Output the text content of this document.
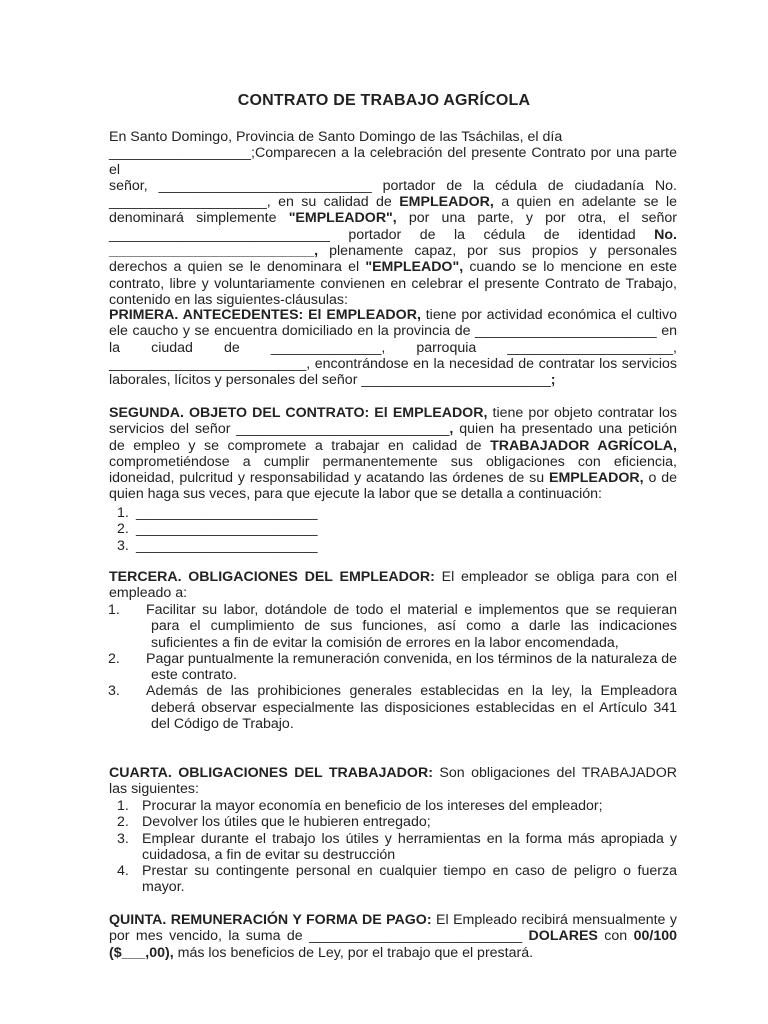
CONTRATO DE TRABAJO AGRÍCOLA
En Santo Domingo, Provincia de Santo Domingo de las Tsáchilas, el día
__________________;Comparecen a la celebración del presente Contrato por una parte el
señor, ___________________________ portador de la cédula de ciudadanía No.
____________________, en su calidad de EMPLEADOR, a quien en adelante se le denominará simplemente "EMPLEADOR", por una parte, y por otra, el señor ____________________________ portador de la cédula de identidad No. __________________________, plenamente capaz, por sus propios y personales derechos a quien se le denominara el "EMPLEADO", cuando se lo mencione en este contrato, libre y voluntariamente convienen en celebrar el presente Contrato de Trabajo, contenido en las siguientes-cláusulas:
PRIMERA. ANTECEDENTES: El EMPLEADOR, tiene por actividad económica el cultivo ele caucho y se encuentra domiciliado en la provincia de _______________________ en la ciudad de ______________, parroquia _____________________, _________________________, encontrándose en la necesidad de contratar los servicios laborales, lícitos y personales del señor ________________________;
SEGUNDA. OBJETO DEL CONTRATO: El EMPLEADOR, tiene por objeto contratar los servicios del señor ___________________________, quien ha presentado una petición de empleo y se compromete a trabajar en calidad de TRABAJADOR AGRÍCOLA, comprometiéndose a cumplir permanentemente sus obligaciones con eficiencia, idoneidad, pulcritud y responsabilidad y acatando las órdenes de su EMPLEADOR, o de quien haga sus veces, para que ejecute la labor que se detalla a continuación:
1. _______________________
2. _______________________
3. _______________________
TERCERA. OBLIGACIONES DEL EMPLEADOR: El empleador se obliga para con el empleado a:
1. Facilitar su labor, dotándole de todo el material e implementos que se requieran para el cumplimiento de sus funciones, así como a darle las indicaciones suficientes a fin de evitar la comisión de errores en la labor encomendada,
2. Pagar puntualmente la remuneración convenida, en los términos de la naturaleza de este contrato.
3. Además de las prohibiciones generales establecidas en la ley, la Empleadora deberá observar especialmente las disposiciones establecidas en el Artículo 341 del Código de Trabajo.
CUARTA. OBLIGACIONES DEL TRABAJADOR: Son obligaciones del TRABAJADOR las siguientes:
1. Procurar la mayor economía en beneficio de los intereses del empleador;
2. Devolver los útiles que le hubieren entregado;
3. Emplear durante el trabajo los útiles y herramientas en la forma más apropiada y cuidadosa, a fin de evitar su destrucción
4. Prestar su contingente personal en cualquier tiempo en caso de peligro o fuerza mayor.
QUINTA. REMUNERACIÓN Y FORMA DE PAGO: El Empleado recibirá mensualmente y por mes vencido, la suma de ___________________________ DOLARES con 00/100 ($___,00), más los beneficios de Ley, por el trabajo que el prestará.
